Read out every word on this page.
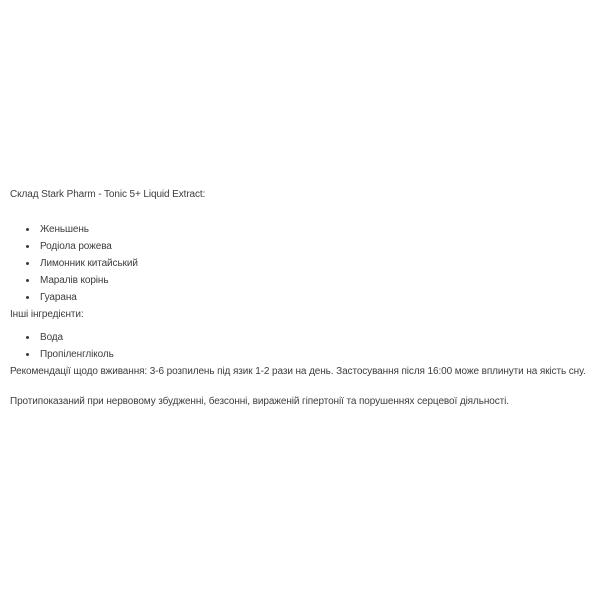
Склад Stark Pharm - Tonic 5+ Liquid Extract:

• Женьшень
• Родіола рожева
• Лимонник китайський
• Маралів корінь
• Гуарана

Інші інгредієнти:

• Вода
• Пропіленгліколь

Рекомендації щодо вживання: 3-6 розпилень під язик 1-2 рази на день. Застосування після 16:00 може вплинути на якість сну.

Протипоказаний при нервовому збудженні, безсонні, вираженій гіпертонії та порушеннях серцевої діяльності.
